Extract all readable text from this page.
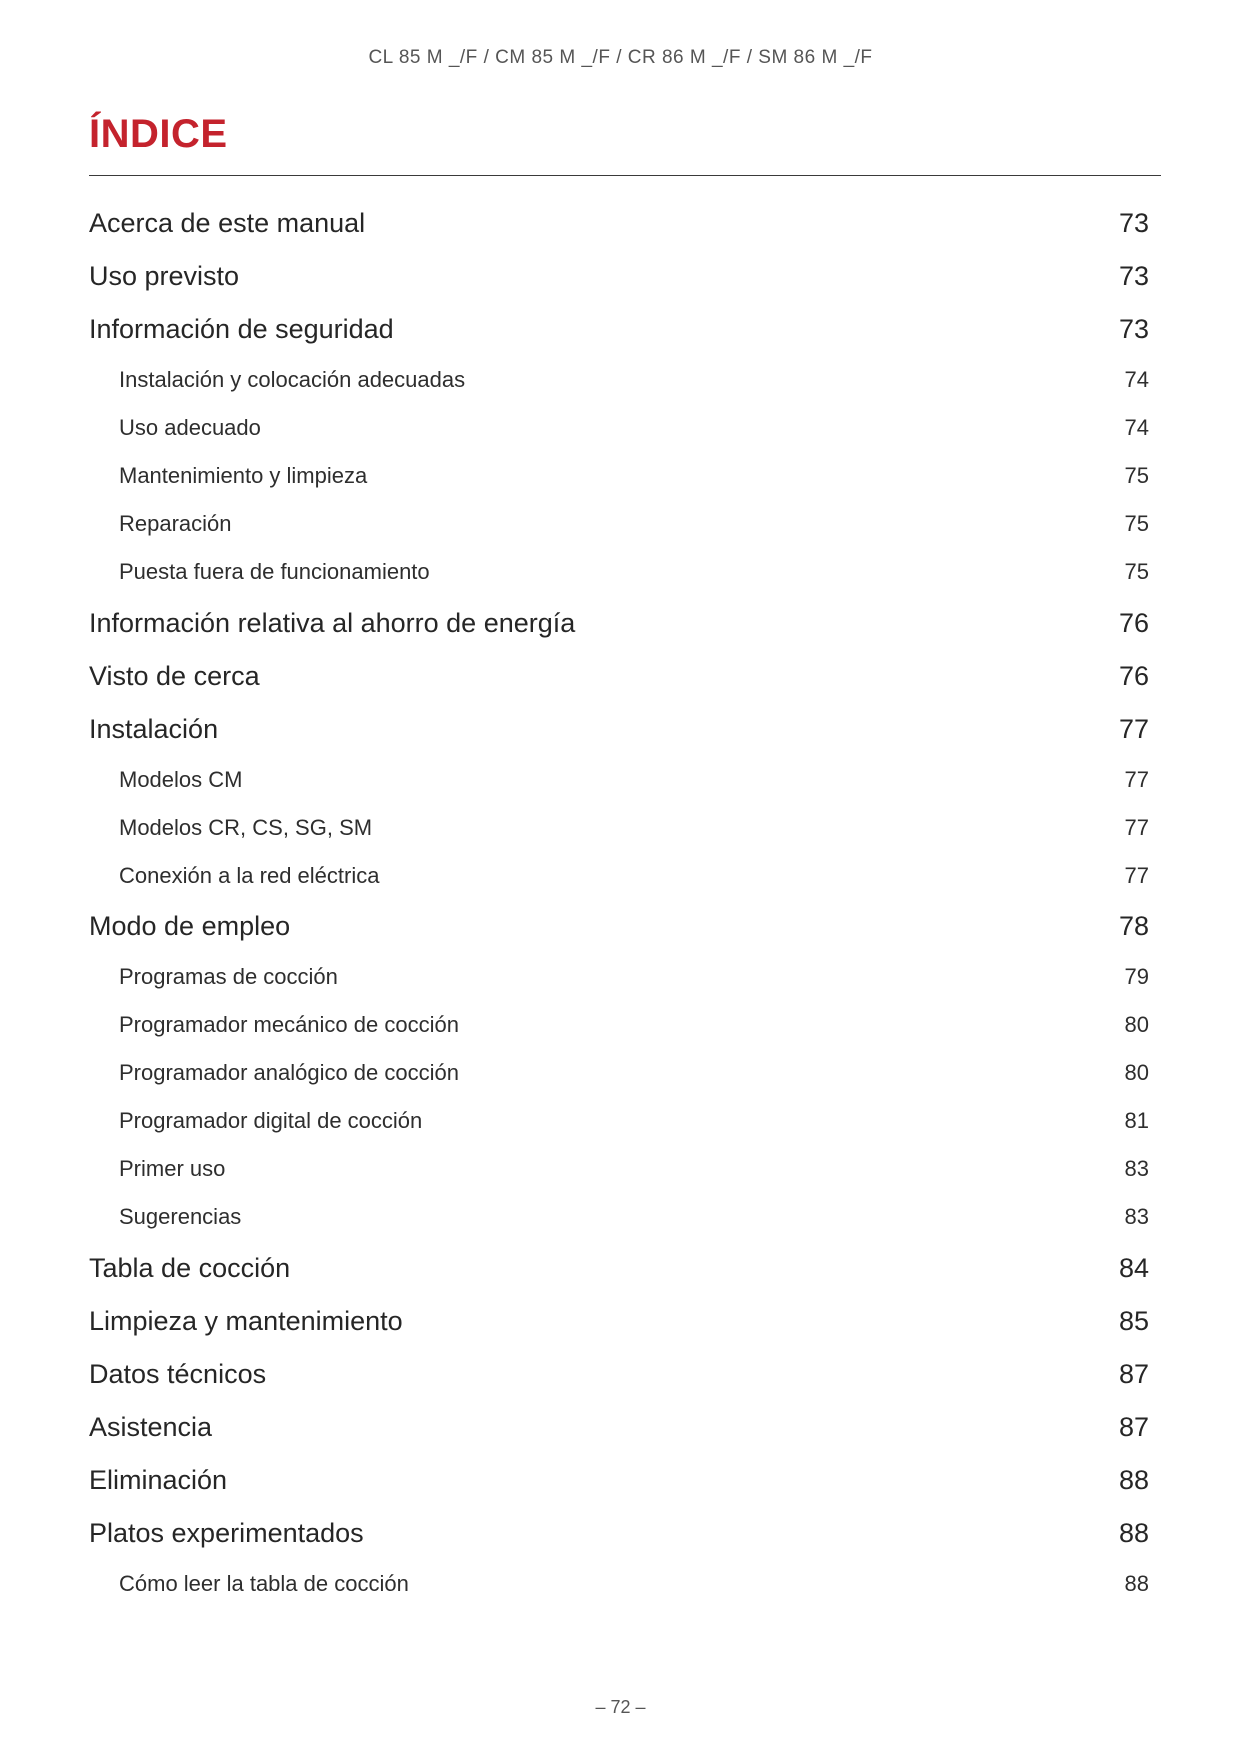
CL 85 M _/F / CM 85 M _/F / CR 86 M _/F / SM 86 M _/F
ÍNDICE
Acerca de este manual	73
Uso previsto	73
Información de seguridad	73
Instalación y colocación adecuadas	74
Uso adecuado	74
Mantenimiento y limpieza	75
Reparación	75
Puesta fuera de funcionamiento	75
Información relativa al ahorro de energía	76
Visto de cerca	76
Instalación	77
Modelos CM	77
Modelos CR, CS, SG, SM	77
Conexión a la red eléctrica	77
Modo de empleo	78
Programas de cocción	79
Programador mecánico de cocción	80
Programador analógico de cocción	80
Programador digital de cocción	81
Primer uso	83
Sugerencias	83
Tabla de cocción	84
Limpieza y mantenimiento	85
Datos técnicos	87
Asistencia	87
Eliminación	88
Platos experimentados	88
Cómo leer la tabla de cocción	88
– 72 –
